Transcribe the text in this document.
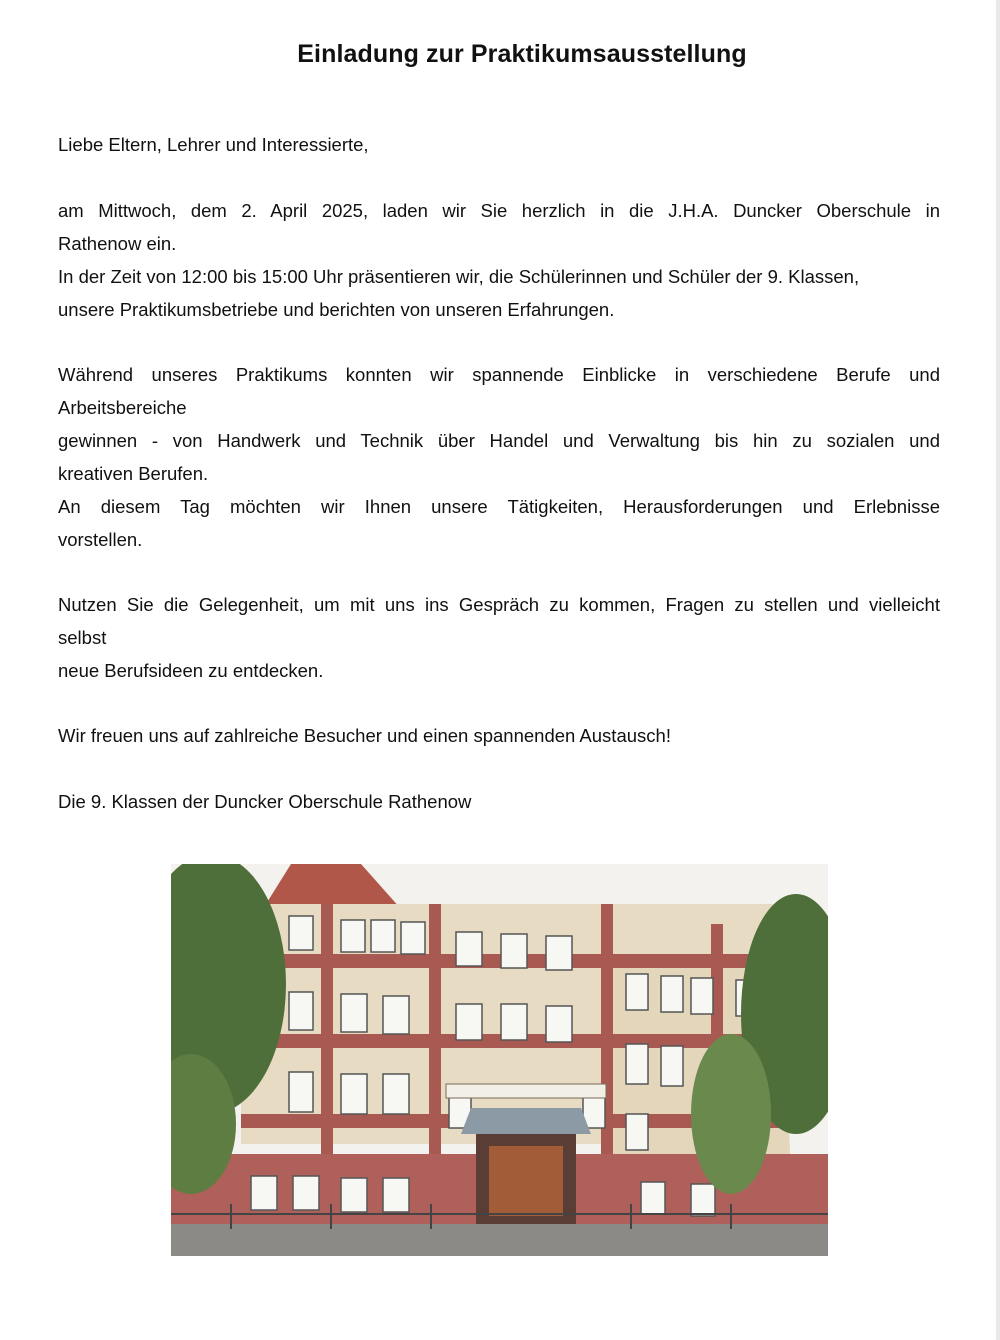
Einladung zur Praktikumsausstellung

Liebe Eltern, Lehrer und Interessierte,

am Mittwoch, dem 2. April 2025, laden wir Sie herzlich in die J.H.A. Duncker Oberschule in
Rathenow ein.
In der Zeit von 12:00 bis 15:00 Uhr präsentieren wir, die Schülerinnen und Schüler der 9. Klassen,
unsere Praktikumsbetriebe und berichten von unseren Erfahrungen.

Während unseres Praktikums konnten wir spannende Einblicke in verschiedene Berufe und
Arbeitsbereiche
gewinnen - von Handwerk und Technik über Handel und Verwaltung bis hin zu sozialen und
kreativen Berufen.
An diesem Tag möchten wir Ihnen unsere Tätigkeiten, Herausforderungen und Erlebnisse
vorstellen.

Nutzen Sie die Gelegenheit, um mit uns ins Gespräch zu kommen, Fragen zu stellen und vielleicht
selbst
neue Berufsideen zu entdecken.

Wir freuen uns auf zahlreiche Besucher und einen spannenden Austausch!

Die 9. Klassen der Duncker Oberschule Rathenow
